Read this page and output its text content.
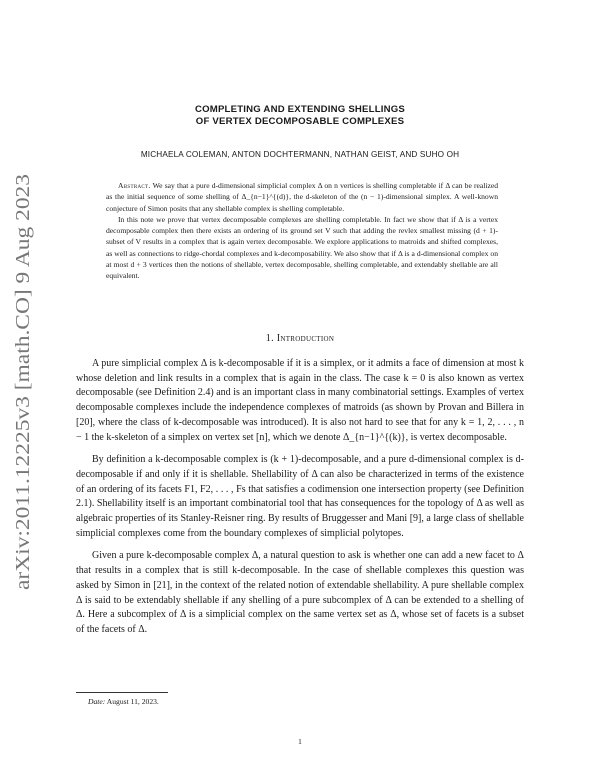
arXiv:2011.12225v3 [math.CO] 9 Aug 2023
COMPLETING AND EXTENDING SHELLINGS
OF VERTEX DECOMPOSABLE COMPLEXES
MICHAELA COLEMAN, ANTON DOCHTERMANN, NATHAN GEIST, AND SUHO OH

Abstract. We say that a pure d-dimensional simplicial complex Δ on n vertices is shelling completable if Δ can be realized as the initial sequence of some shelling of Δ_{n−1}^{(d)}, the d-skeleton of the (n − 1)-dimensional simplex. A well-known conjecture of Simon posits that any shellable complex is shelling completable.

In this note we prove that vertex decomposable complexes are shelling completable. In fact we show that if Δ is a vertex decomposable complex then there exists an ordering of its ground set V such that adding the revlex smallest missing (d + 1)-subset of V results in a complex that is again vertex decomposable. We explore applications to matroids and shifted complexes, as well as connections to ridge-chordal complexes and k-decomposability. We also show that if Δ is a d-dimensional complex on at most d + 3 vertices then the notions of shellable, vertex decomposable, shelling completable, and extendably shellable are all equivalent.

1. Introduction

A pure simplicial complex Δ is k-decomposable if it is a simplex, or it admits a face of dimension at most k whose deletion and link results in a complex that is again in the class. The case k = 0 is also known as vertex decomposable (see Definition 2.4) and is an important class in many combinatorial settings. Examples of vertex decomposable complexes include the independence complexes of matroids (as shown by Provan and Billera in [20], where the class of k-decomposable was introduced). It is also not hard to see that for any k = 1, 2, . . . , n − 1 the k-skeleton of a simplex on vertex set [n], which we denote Δ_{n−1}^{(k)}, is vertex decomposable.

By definition a k-decomposable complex is (k + 1)-decomposable, and a pure d-dimensional complex is d-decomposable if and only if it is shellable. Shellability of Δ can also be characterized in terms of the existence of an ordering of its facets F1, F2, . . . , Fs that satisfies a codimension one intersection property (see Definition 2.1). Shellability itself is an important combinatorial tool that has consequences for the topology of Δ as well as algebraic properties of its Stanley-Reisner ring. By results of Bruggesser and Mani [9], a large class of shellable simplicial complexes come from the boundary complexes of simplicial polytopes.

Given a pure k-decomposable complex Δ, a natural question to ask is whether one can add a new facet to Δ that results in a complex that is still k-decomposable. In the case of shellable complexes this question was asked by Simon in [21], in the context of the related notion of extendable shellability. A pure shellable complex Δ is said to be extendably shellable if any shelling of a pure subcomplex of Δ can be extended to a shelling of Δ. Here a subcomplex of Δ is a simplicial complex on the same vertex set as Δ, whose set of facets is a subset of the facets of Δ.

Date: August 11, 2023.
1
